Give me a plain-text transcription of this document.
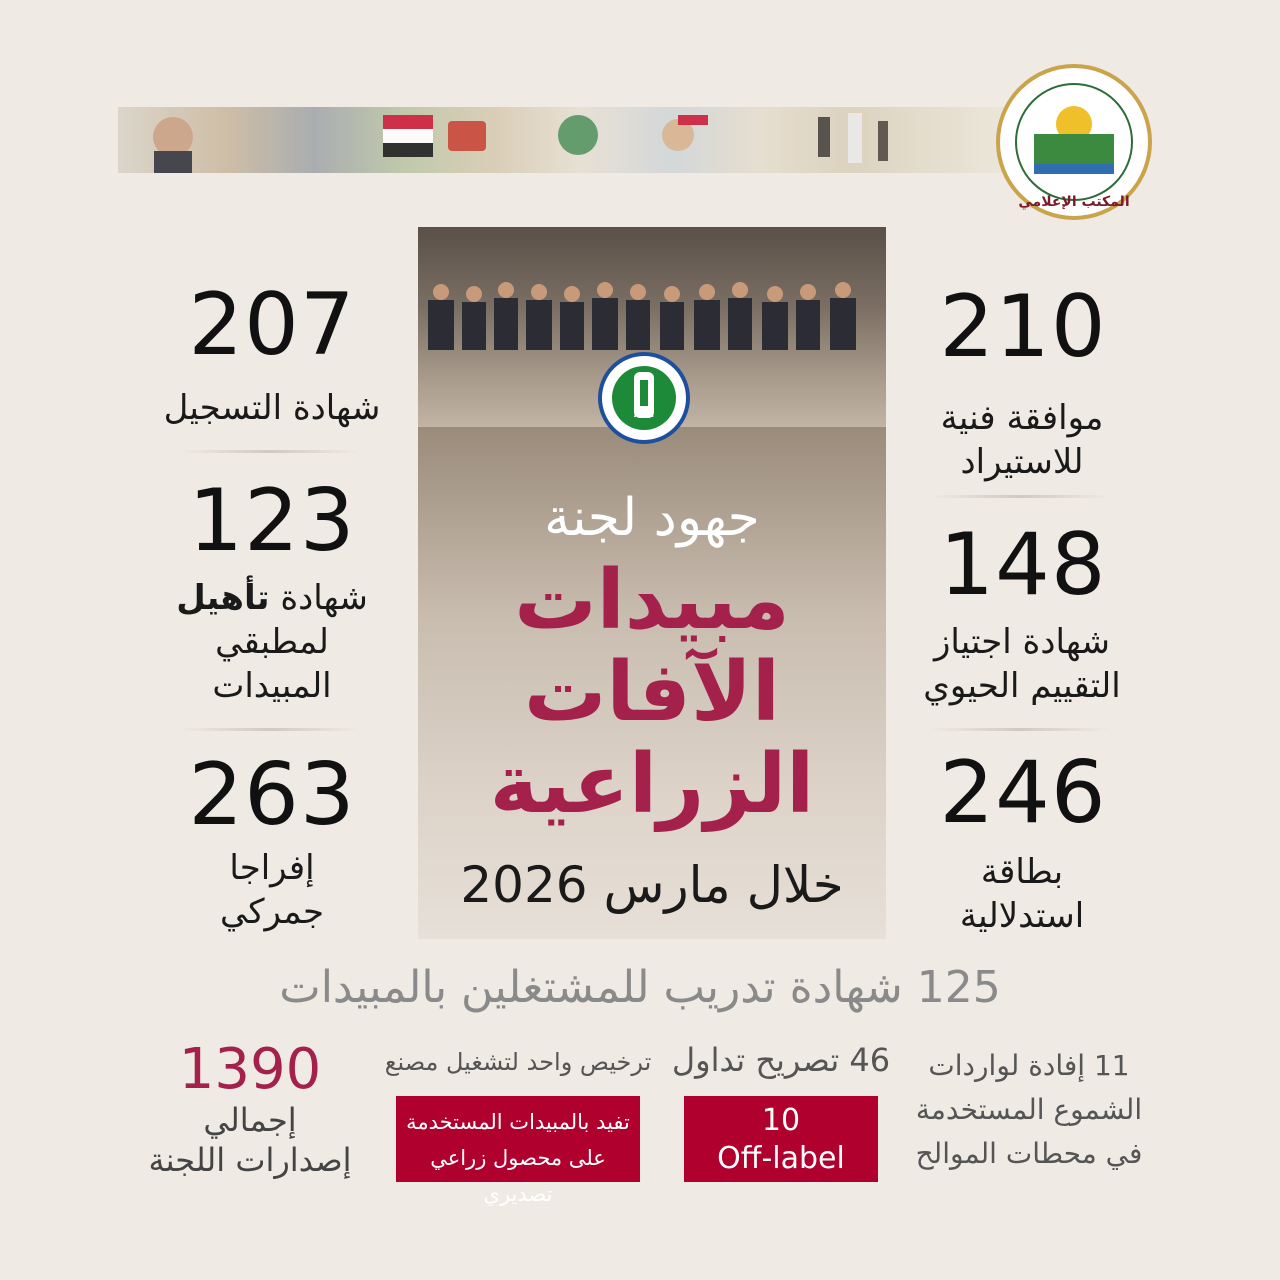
المكتب الإعلامي
APC
جهود لجنة
مبيدات
الآفات
الزراعية
خلال مارس 2026
210
موافقة فنية
للاستيراد
148
شهادة اجتياز
التقييم الحيوي
246
بطاقة
استدلالية
207
شهادة التسجيل
123
شهادة تأهيل
لمطبقي
المبيدات
263
إفراجا
جمركي
125 شهادة تدريب للمشتغلين بالمبيدات
1390
إجمالي
إصدارات اللجنة
ترخيص واحد لتشغيل مصنع
تفيد بالمبيدات المستخدمة
على محصول زراعي تصديري
46 تصريح تداول
10
Off-label
11 إفادة لواردات
الشموع المستخدمة
في محطات الموالح
